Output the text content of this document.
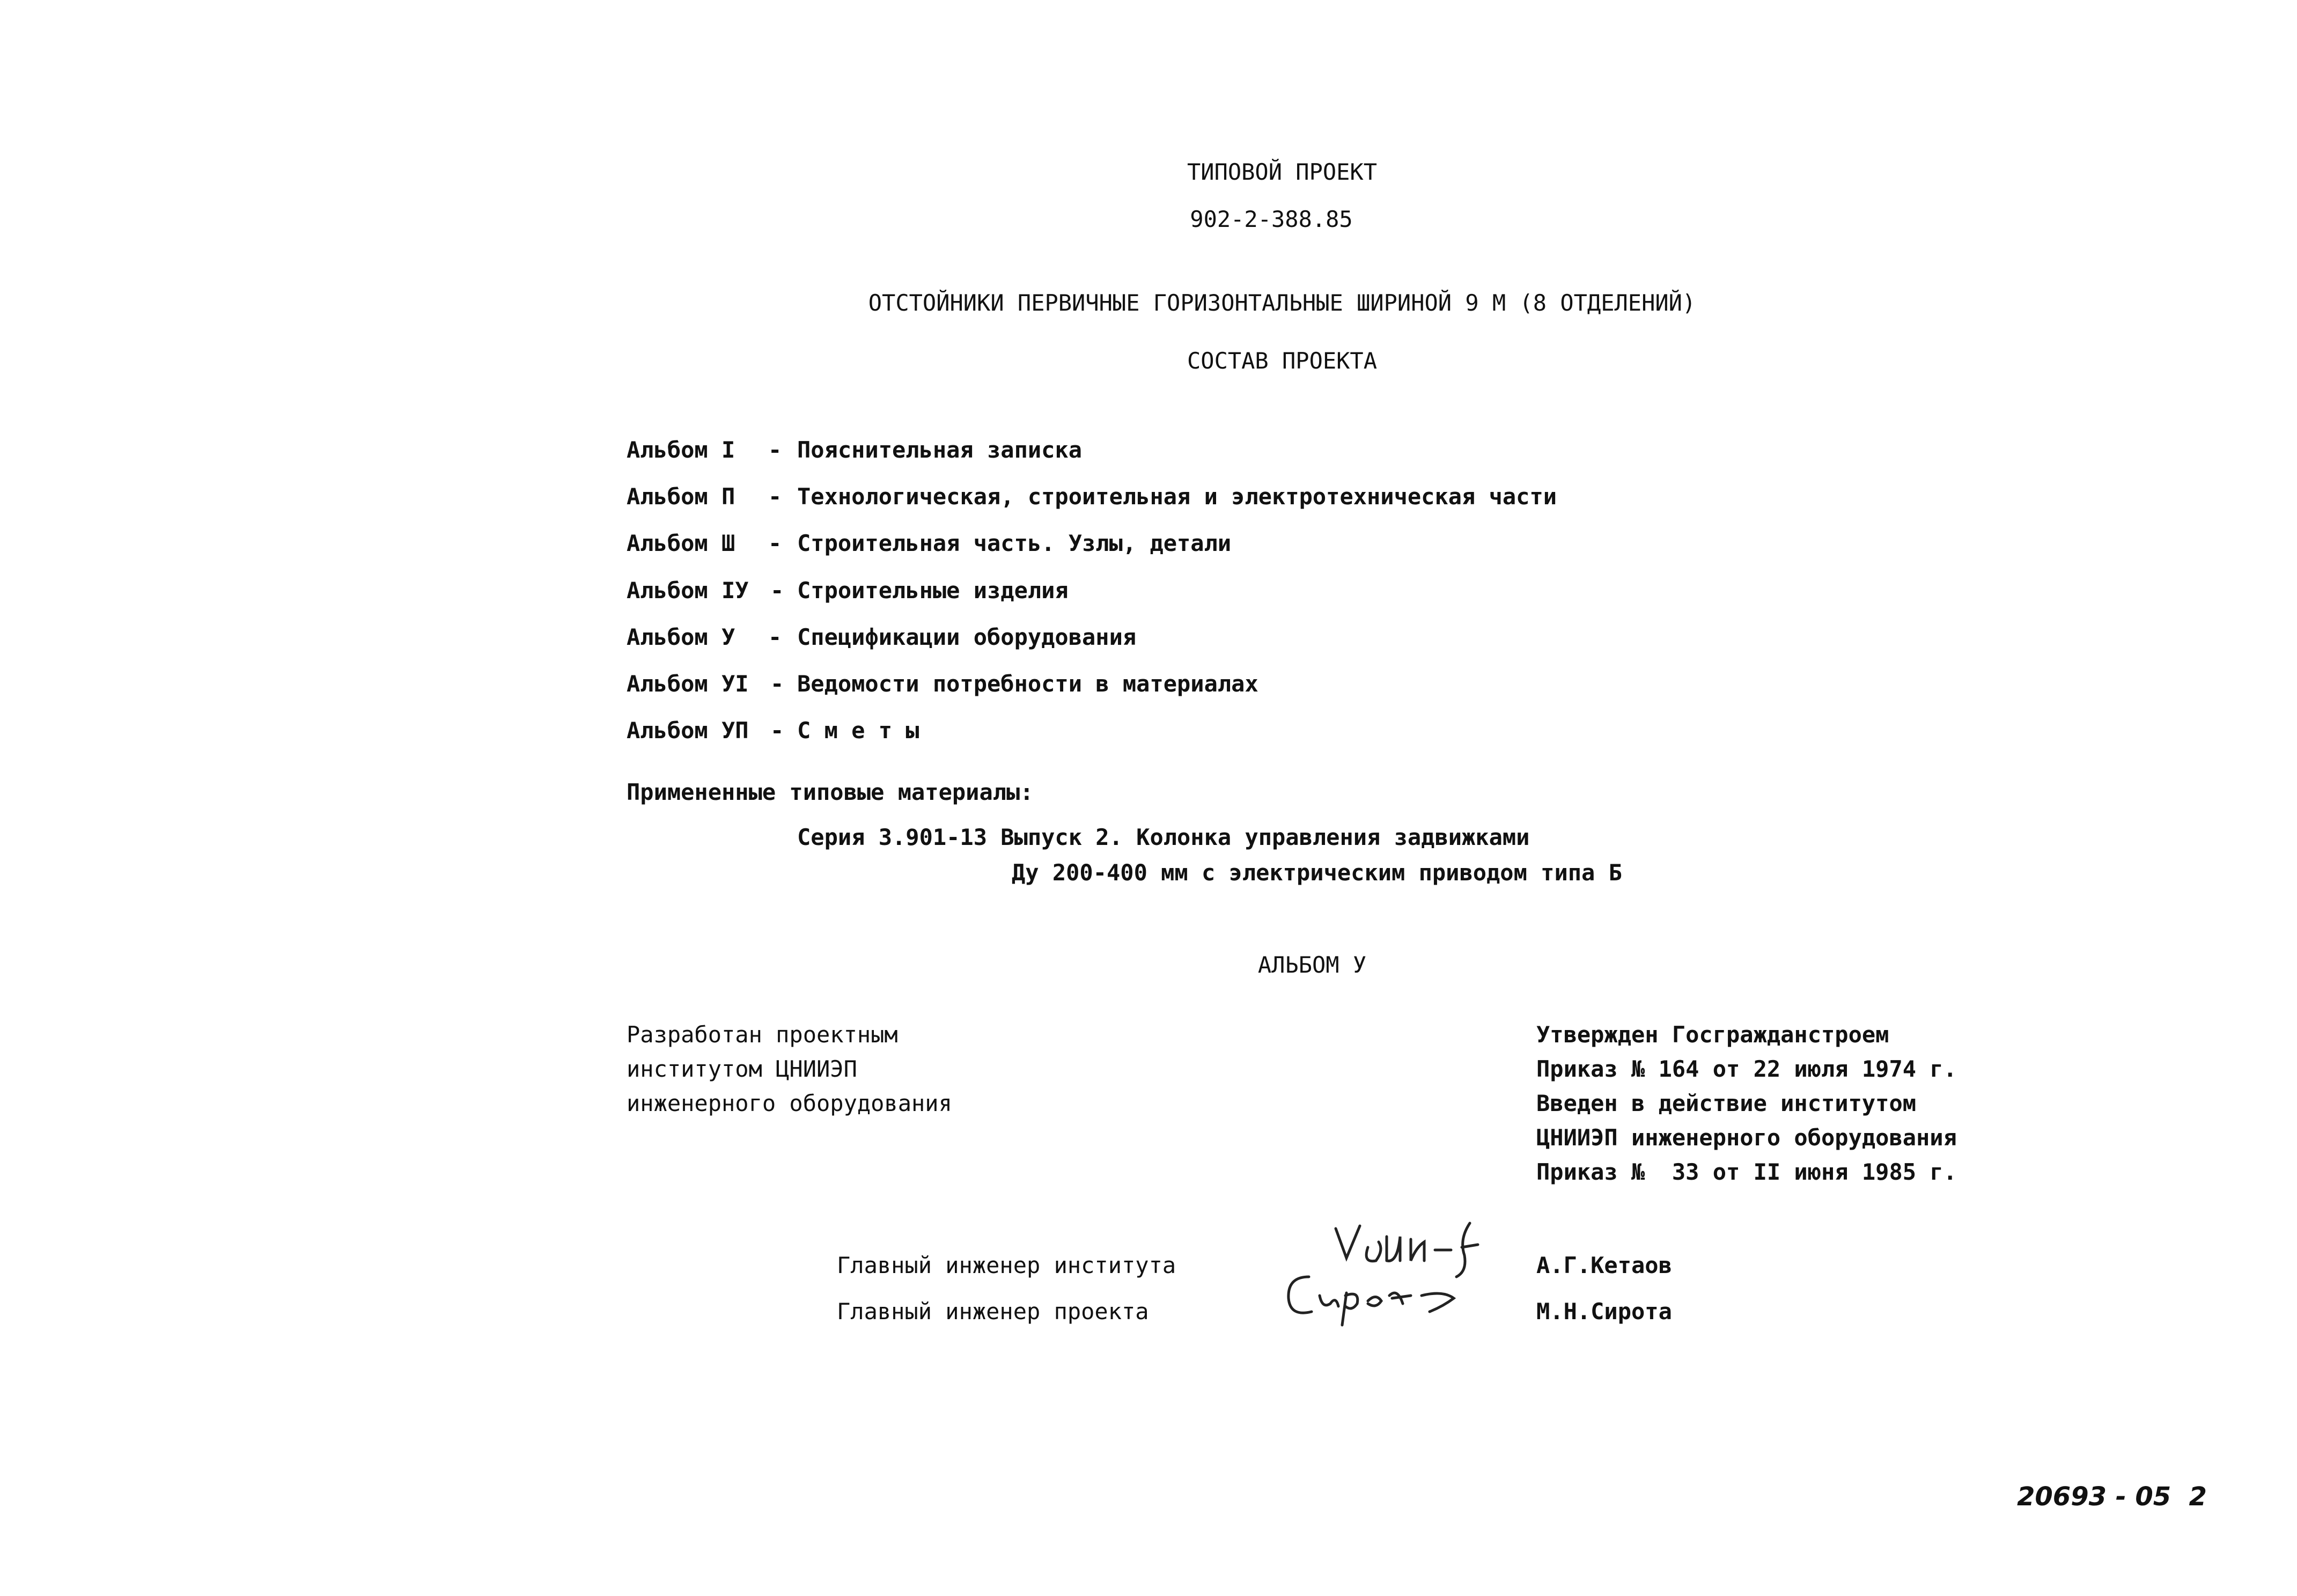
ТИПОВОЙ ПРОЕКТ
902-2-388.85
ОТСТОЙНИКИ ПЕРВИЧНЫЕ ГОРИЗОНТАЛЬНЫЕ ШИРИНОЙ 9 М (8 ОТДЕЛЕНИЙ)
СОСТАВ ПРОЕКТА
Альбом I - Пояснительная записка
Альбом П - Технологическая, строительная и электротехническая части
Альбом Ш - Строительная часть. Узлы, детали
Альбом IУ - Строительные изделия
Альбом У - Спецификации оборудования
Альбом УI - Ведомости потребности в материалах
Альбом УП - С м е т ы
Примененные типовые материалы:
Серия 3.901-13 Выпуск 2. Колонка управления задвижками
Ду 200-400 мм с электрическим приводом типа Б
АЛЬБОМ У
Разработан проектным
институтом ЦНИИЭП
инженерного оборудования
Утвержден Госгражданстроем
Приказ № 164 от 22 июля 1974 г.
Введен в действие институтом
ЦНИИЭП инженерного оборудования
Приказ №  33 от II июня 1985 г.
Главный инженер института	А.Г.Кетаов
Главный инженер проекта	М.Н.Сирота
20693 - 05  2
